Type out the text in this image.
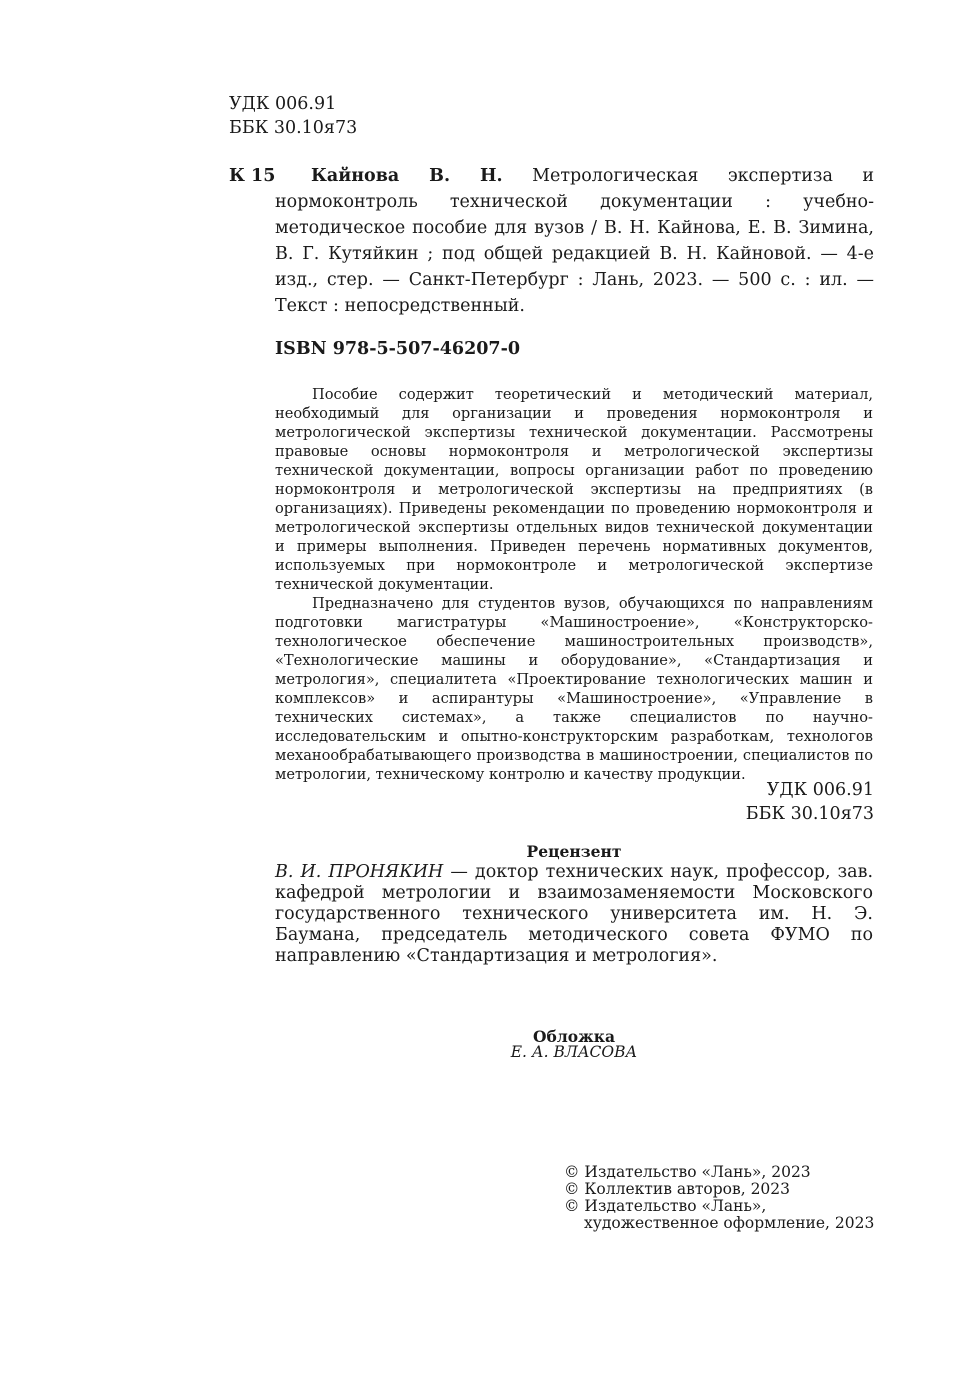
УДК 006.91
ББК 30.10я73
К 15	Кайнова В. Н. Метрологическая экспертиза и нормоконтроль технической документации : учебно-методическое пособие для вузов / В. Н. Кайнова, Е. В. Зимина, В. Г. Кутяйкин ; под общей редакцией В. Н. Кайновой. — 4-е изд., стер. — Санкт-Петербург : Лань, 2023. — 500 с. : ил. — Текст : непосредственный.
ISBN 978-5-507-46207-0

Пособие содержит теоретический и методический материал, необходимый для организации и проведения нормоконтроля и метрологической экспертизы технической документации. Рассмотрены правовые основы нормоконтроля и метрологической экспертизы технической документации, вопросы организации работ по проведению нормоконтроля и метрологической экспертизы на предприятиях (в организациях). Приведены рекомендации по проведению нормоконтроля и метрологической экспертизы отдельных видов технической документации и примеры выполнения. Приведен перечень нормативных документов, используемых при нормоконтроле и метрологической экспертизе технической документации.

Предназначено для студентов вузов, обучающихся по направлениям подготовки магистратуры «Машиностроение», «Конструкторско-технологическое обеспечение машиностроительных производств», «Технологические машины и оборудование», «Стандартизация и метрология», специалитета «Проектирование технологических машин и комплексов» и аспирантуры «Машиностроение», «Управление в технических системах», а также специалистов по научно-исследовательским и опытно-конструкторским разработкам, технологов механообрабатывающего производства в машиностроении, специалистов по метрологии, техническому контролю и качеству продукции.

УДК 006.91
ББК 30.10я73
Рецензент
В. И. ПРОНЯКИН — доктор технических наук, профессор, зав. кафедрой метрологии и взаимозаменяемости Московского государственного технического университета им. Н. Э. Баумана, председатель методического совета ФУМО по направлению «Стандартизация и метрология».
Обложка
Е. А. ВЛАСОВА
© Издательство «Лань», 2023
© Коллектив авторов, 2023
© Издательство «Лань»,
художественное оформление, 2023
